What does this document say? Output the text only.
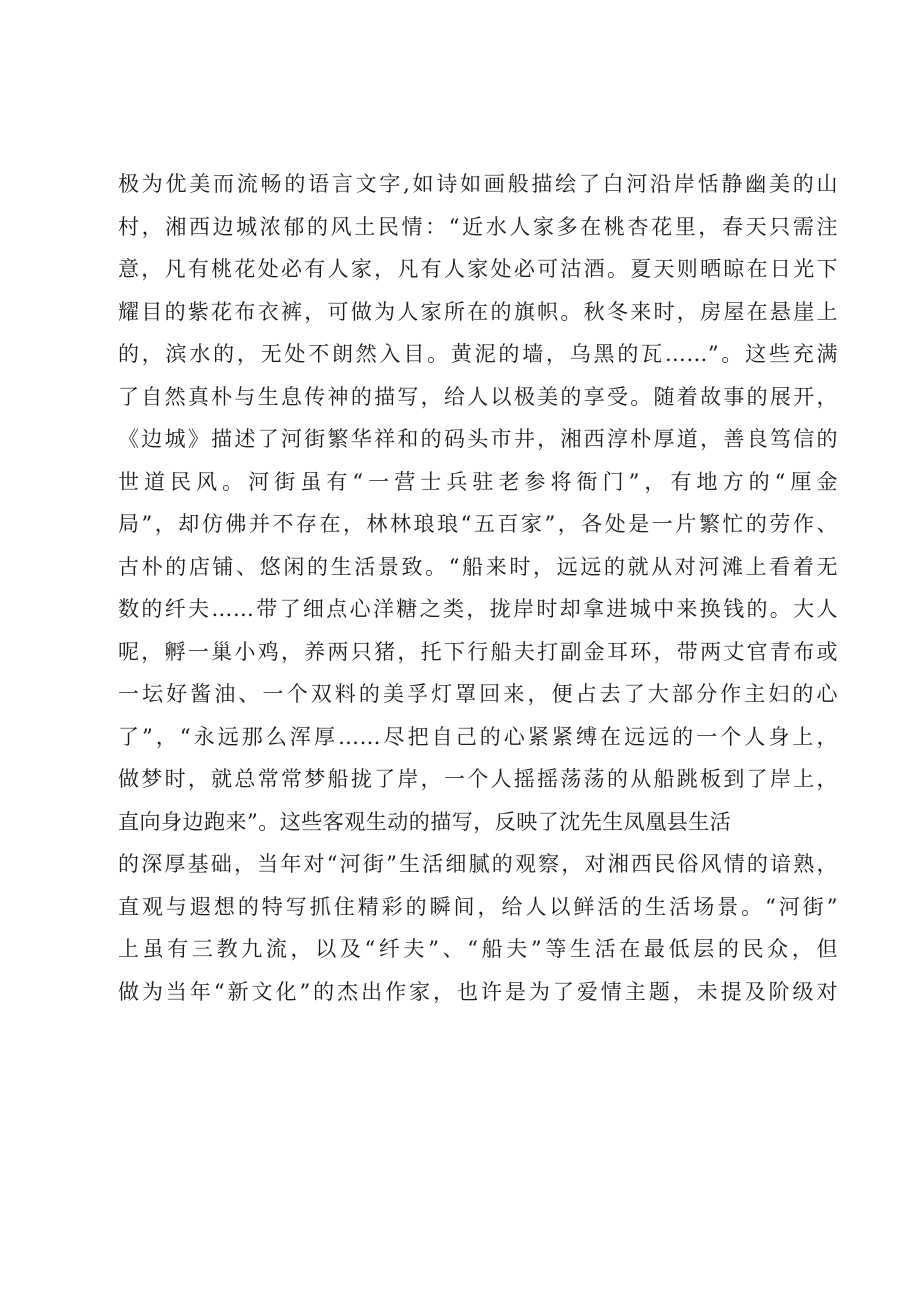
极为优美而流畅的语言文字,如诗如画般描绘了白河沿岸恬静幽美的山
村，湘西边城浓郁的风土民情：“近水人家多在桃杏花里，春天只需注
意，凡有桃花处必有人家，凡有人家处必可沽酒。夏天则晒晾在日光下
耀目的紫花布衣裤，可做为人家所在的旗帜。秋冬来时，房屋在悬崖上
的，滨水的，无处不朗然入目。黄泥的墙，乌黑的瓦……”。这些充满
了自然真朴与生息传神的描写，给人以极美的享受。随着故事的展开，
《边城》描述了河街繁华祥和的码头市井，湘西淳朴厚道，善良笃信的
世道民风。河街虽有“一营士兵驻老参将衙门”，有地方的“厘金
局”，却仿佛并不存在，林林琅琅“五百家”，各处是一片繁忙的劳作、
古朴的店铺、悠闲的生活景致。“船来时，远远的就从对河滩上看着无
数的纤夫……带了细点心洋糖之类，拢岸时却拿进城中来换钱的。大人
呢，孵一巢小鸡，养两只猪，托下行船夫打副金耳环，带两丈官青布或
一坛好酱油、一个双料的美孚灯罩回来，便占去了大部分作主妇的心
了”，“永远那么浑厚……尽把自己的心紧紧缚在远远的一个人身上，
做梦时，就总常常梦船拢了岸，一个人摇摇荡荡的从船跳板到了岸上，
直向身边跑来”。这些客观生动的描写，反映了沈先生凤凰县生活
的深厚基础，当年对“河街”生活细腻的观察，对湘西民俗风情的谙熟，
直观与遐想的特写抓住精彩的瞬间，给人以鲜活的生活场景。“河街”
上虽有三教九流，以及“纤夫”、“船夫”等生活在最低层的民众，但
做为当年“新文化”的杰出作家，也许是为了爱情主题，未提及阶级对
